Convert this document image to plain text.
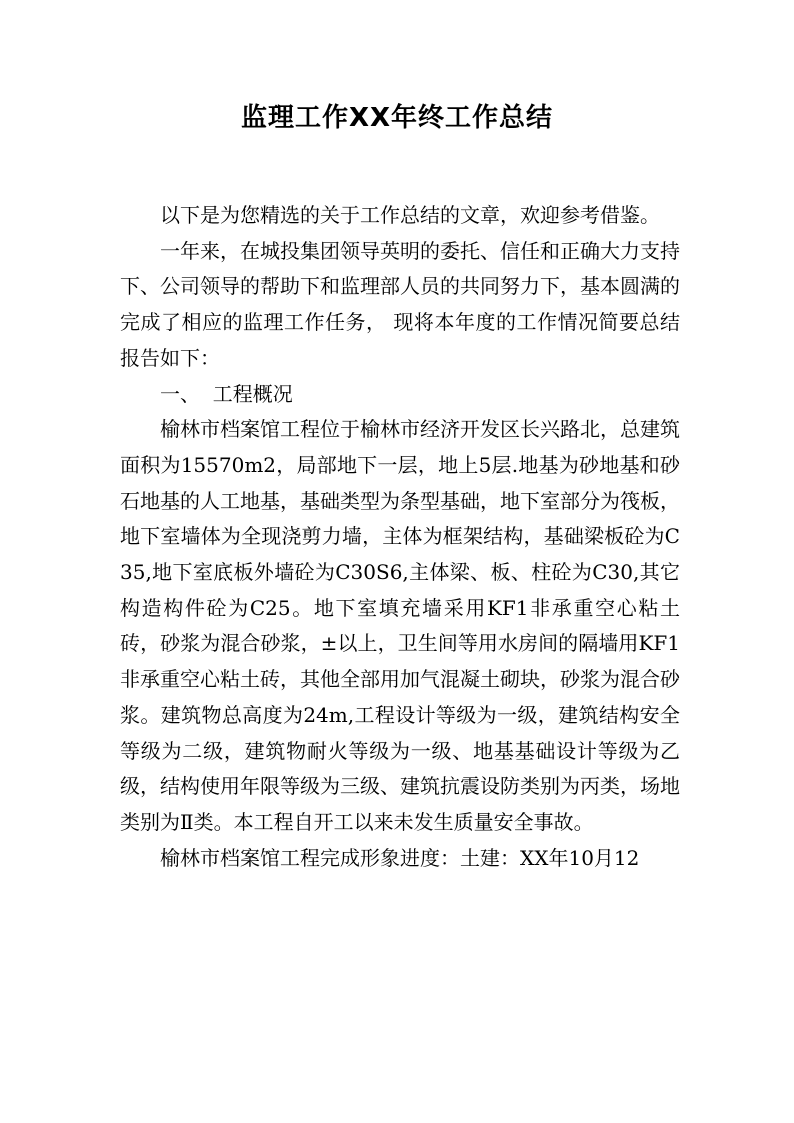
监理工作XX年终工作总结

以下是为您精选的关于工作总结的文章，欢迎参考借鉴。

一年来，在城投集团领导英明的委托、信任和正确大力支持下、公司领导的帮助下和监理部人员的共同努力下，基本圆满的完成了相应的监理工作任务， 现将本年度的工作情况简要总结报告如下：

一、  工程概况

榆林市档案馆工程位于榆林市经济开发区长兴路北，总建筑面积为15570m2，局部地下一层，地上5层.地基为砂地基和砂石地基的人工地基，基础类型为条型基础，地下室部分为筏板，地下室墙体为全现浇剪力墙，主体为框架结构，基础梁板砼为C35,地下室底板外墙砼为C30S6,主体梁、板、柱砼为C30,其它构造构件砼为C25。地下室填充墙采用KF1非承重空心粘土砖，砂浆为混合砂浆，±以上，卫生间等用水房间的隔墙用KF1非承重空心粘土砖，其他全部用加气混凝土砌块，砂浆为混合砂浆。建筑物总高度为24m,工程设计等级为一级，建筑结构安全等级为二级，建筑物耐火等级为一级、地基基础设计等级为乙级，结构使用年限等级为三级、建筑抗震设防类别为丙类，场地类别为Ⅱ类。本工程自开工以来未发生质量安全事故。

榆林市档案馆工程完成形象进度：土建：XX年10月12
